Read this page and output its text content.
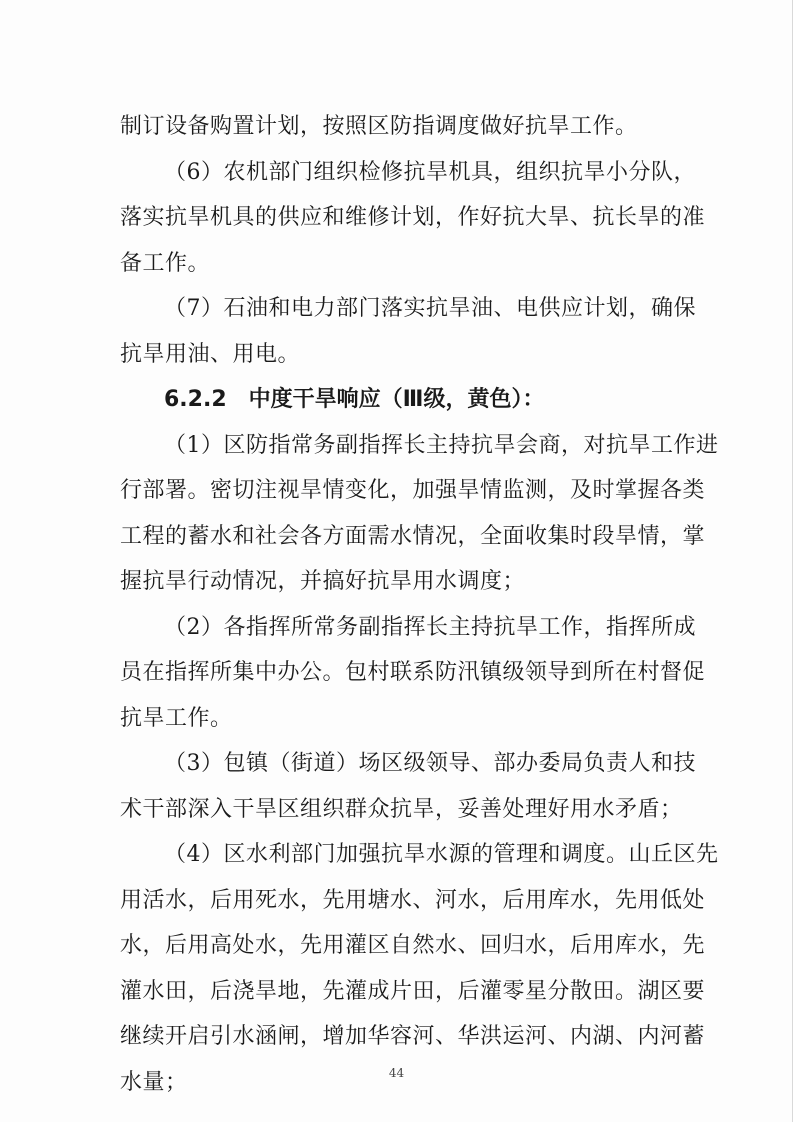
制订设备购置计划，按照区防指调度做好抗旱工作。
（6）农机部门组织检修抗旱机具，组织抗旱小分队，
落实抗旱机具的供应和维修计划，作好抗大旱、抗长旱的准
备工作。
（7）石油和电力部门落实抗旱油、电供应计划，确保
抗旱用油、用电。
6.2.2 中度干旱响应（Ⅲ级，黄色）：
（1）区防指常务副指挥长主持抗旱会商，对抗旱工作进
行部署。密切注视旱情变化，加强旱情监测，及时掌握各类
工程的蓄水和社会各方面需水情况，全面收集时段旱情，掌
握抗旱行动情况，并搞好抗旱用水调度；
（2）各指挥所常务副指挥长主持抗旱工作，指挥所成
员在指挥所集中办公。包村联系防汛镇级领导到所在村督促
抗旱工作。
（3）包镇（街道）场区级领导、部办委局负责人和技
术干部深入干旱区组织群众抗旱，妥善处理好用水矛盾；
（4）区水利部门加强抗旱水源的管理和调度。山丘区先
用活水，后用死水，先用塘水、河水，后用库水，先用低处
水，后用高处水，先用灌区自然水、回归水，后用库水，先
灌水田，后浇旱地，先灌成片田，后灌零星分散田。湖区要
继续开启引水涵闸，增加华容河、华洪运河、内湖、内河蓄
水量；	44
